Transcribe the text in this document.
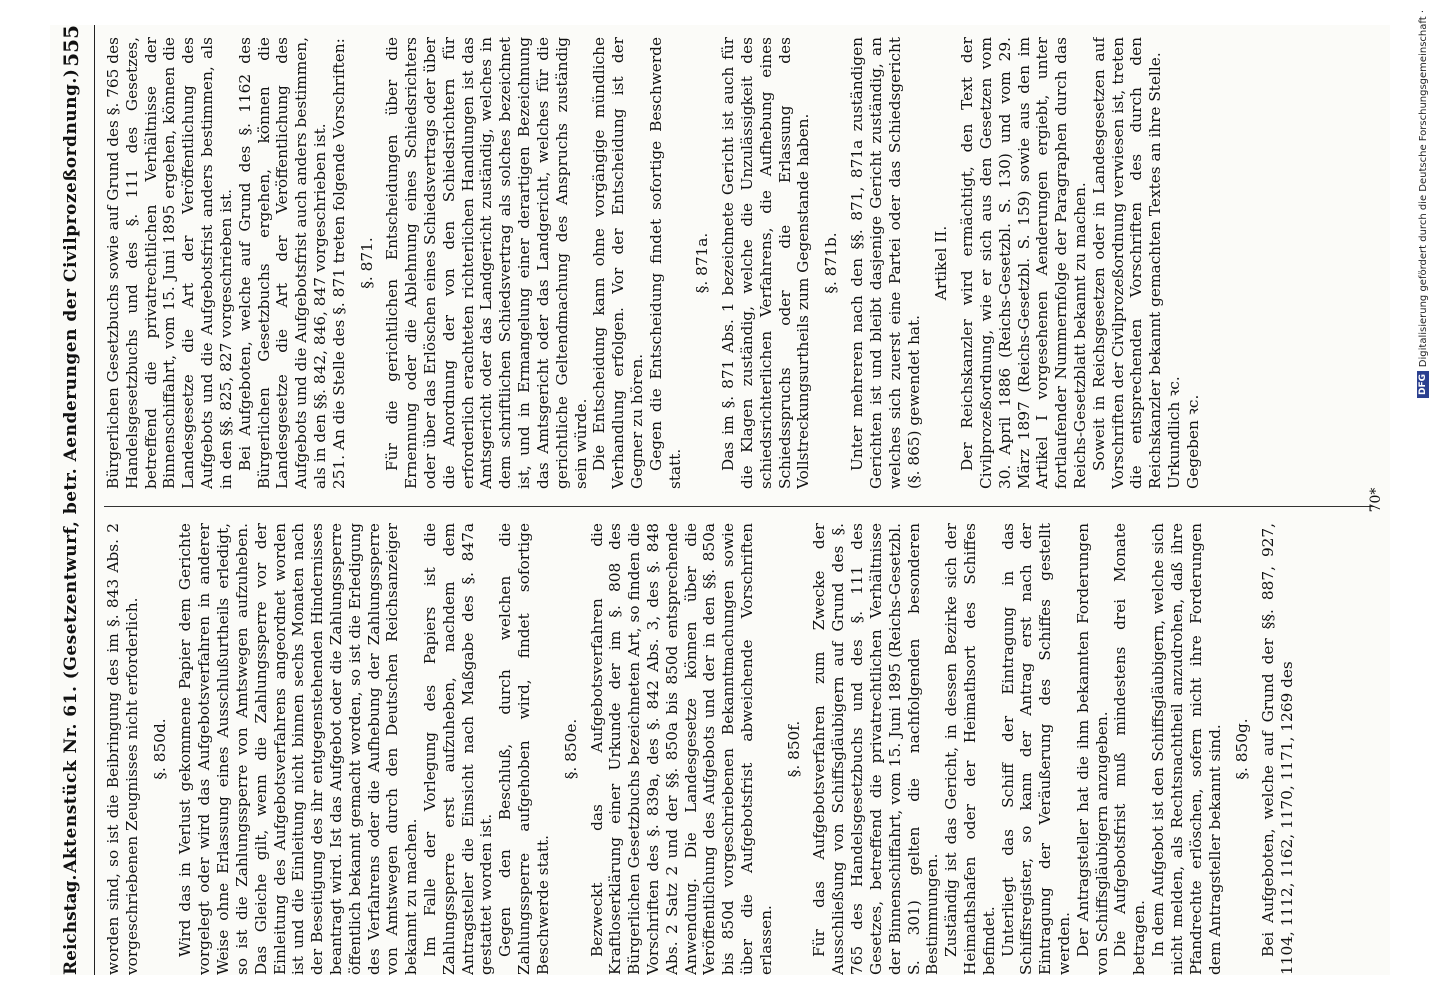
Reichstag.
Aktenstück Nr. 61. (Gesetzentwurf, betr. Aenderungen der Civilprozeßordnung.)
555

worden sind, so ist die Beibringung des im §. 843 Abs. 2 vorgeschriebenen Zeugnisses nicht erforderlich. §. 850d. Wird das in Verlust gekommene Papier dem Gerichte vorgelegt oder wird das Aufgebotsverfahren in anderer Weise ohne Erlassung eines Ausschlußurtheils erledigt, so ist die Zahlungssperre von Amtswegen aufzuheben. Das Gleiche gilt, wenn die Zahlungssperre vor der Einleitung des Aufgebotsverfahrens angeordnet worden ist und die Einleitung nicht binnen sechs Monaten nach der Beseitigung des ihr entgegenstehenden Hindernisses beantragt wird. Ist das Aufgebot oder die Zahlungssperre öffentlich bekannt gemacht worden, so ist die Erledigung des Verfahrens oder die Aufhebung der Zahlungssperre von Amtswegen durch den Deutschen Reichsanzeiger bekannt zu machen. Im Falle der Vorlegung des Papiers ist die Zahlungssperre erst aufzuheben, nachdem dem Antragsteller die Einsicht nach Maßgabe des §. 847a gestattet worden ist. Gegen den Beschluß, durch welchen die Zahlungssperre aufgehoben wird, findet sofortige Beschwerde statt.

§. 850e. Bezweckt das Aufgebotsverfahren die Kraftloserklärung einer Urkunde der im §. 808 des Bürgerlichen Gesetzbuchs bezeichneten Art, so finden die Vorschriften des §. 839a, des §. 842 Abs. 3, des §. 848 Abs. 2 Satz 2 und der §§. 850a bis 850d entsprechende Anwendung. Die Landesgesetze können über die Veröffentlichung des Aufgebots und der in den §§. 850a bis 850d vorgeschriebenen Bekanntmachungen sowie über die Aufgebotsfrist abweichende Vorschriften erlassen.

§. 850f. Für das Aufgebotsverfahren zum Zwecke der Ausschließung von Schiffsgläubigern auf Grund des §. 765 des Handelsgesetzbuchs und des §. 111 des Gesetzes, betreffend die privatrechtlichen Verhältnisse der Binnenschiffahrt, vom 15. Juni 1895 (Reichs-Gesetzbl. S. 301) gelten die nachfolgenden besonderen Bestimmungen. Zuständig ist das Gericht, in dessen Bezirke sich der Heimathshafen oder der Heimathsort des Schiffes befindet. Unterliegt das Schiff der Eintragung in das Schiffsregister, so kann der Antrag erst nach der Eintragung der Veräußerung des Schiffes gestellt werden. Der Antragsteller hat die ihm bekannten Forderungen von Schiffsgläubigern anzugeben. Die Aufgebotsfrist muß mindestens drei Monate betragen. In dem Aufgebot ist den Schiffsgläubigern, welche sich nicht melden, als Rechtsnachtheil anzudrohen, daß ihre Pfandrechte erlöschen, sofern nicht ihre Forderungen dem Antragsteller bekannt sind. §. 850g. Bei Aufgeboten, welche auf Grund der §§. 887, 927, 1104, 1112, 1162, 1170, 1171, 1269 des

Bürgerlichen Gesetzbuchs sowie auf Grund des §. 765 des Handelsgesetzbuchs und des §. 111 des Gesetzes, betreffend die privatrechtlichen Verhältnisse der Binnenschiffahrt, vom 15. Juni 1895 ergehen, können die Landesgesetze die Art der Veröffentlichung des Aufgebots und die Aufgebotsfrist anders bestimmen, als in den §§. 825, 827 vorgeschrieben ist. Bei Aufgeboten, welche auf Grund des §. 1162 des Bürgerlichen Gesetzbuchs ergehen, können die Landesgesetze die Art der Veröffentlichung des Aufgebots und die Aufgebotsfrist auch anders bestimmen, als in den §§. 842, 846, 847 vorgeschrieben ist. 251. An die Stelle des §. 871 treten folgende Vorschriften: §. 871. Für die gerichtlichen Entscheidungen über die Ernennung oder die Ablehnung eines Schiedsrichters oder über das Erlöschen eines Schiedsvertrags oder über die Anordnung der von den Schiedsrichtern für erforderlich erachteten richterlichen Handlungen ist das Amtsgericht oder das Landgericht zuständig, welches in dem schriftlichen Schiedsvertrag als solches bezeichnet ist, und in Ermangelung einer derartigen Bezeichnung das Amtsgericht oder das Landgericht, welches für die gerichtliche Geltendmachung des Anspruchs zuständig sein würde. Die Entscheidung kann ohne vorgängige mündliche Verhandlung erfolgen. Vor der Entscheidung ist der Gegner zu hören. Gegen die Entscheidung findet sofortige Beschwerde statt.

§. 871a. Das im §. 871 Abs. 1 bezeichnete Gericht ist auch für die Klagen zuständig, welche die Unzulässigkeit des schiedsrichterlichen Verfahrens, die Aufhebung eines Schiedsspruchs oder die Erlassung des Vollstreckungsurtheils zum Gegenstande haben. §. 871b. Unter mehreren nach den §§. 871, 871a zuständigen Gerichten ist und bleibt dasjenige Gericht zuständig, an welches sich zuerst eine Partei oder das Schiedsgericht (§. 865) gewendet hat.

Artikel II. Der Reichskanzler wird ermächtigt, den Text der Civilprozeßordnung, wie er sich aus den Gesetzen vom 30. April 1886 (Reichs-Gesetzbl. S. 130) und vom 29. März 1897 (Reichs-Gesetzbl. S. 159) sowie aus den im Artikel I vorgesehenen Aenderungen ergiebt, unter fortlaufender Nummernfolge der Paragraphen durch das Reichs-Gesetzblatt bekannt zu machen. Soweit in Reichsgesetzen oder in Landesgesetzen auf Vorschriften der Civilprozeßordnung verwiesen ist, treten die entsprechenden Vorschriften des durch den Reichskanzler bekannt gemachten Textes an ihre Stelle. Urkundlich ꝛc. Gegeben ꝛc.

70*
Digitalisierung gefördert durch die Deutsche Forschungsgemeinschaft ·
DFG
